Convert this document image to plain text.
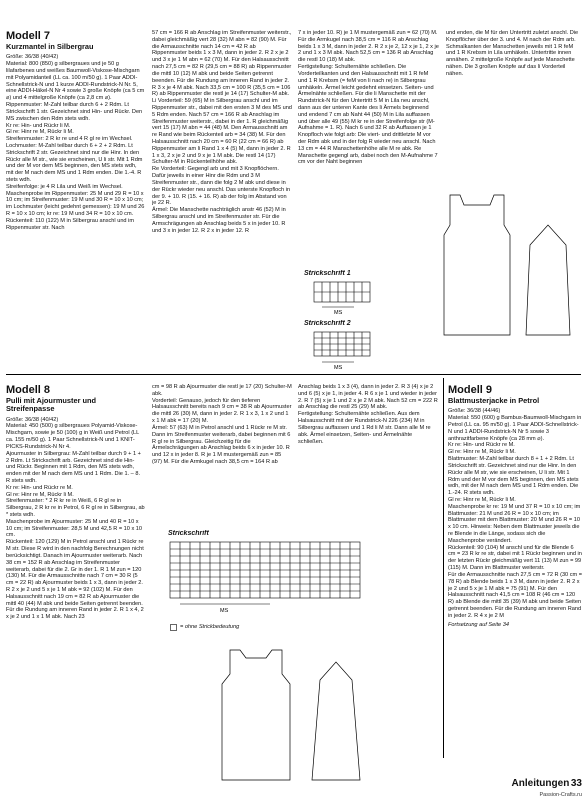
Modell 7
Kurzmantel in Silbergrau
Größe: 36/38 (40/42)
Material: 800 (850) g silbergraues und je 50 g lilafarbenes und weißes Baumwoll-Viskose-Mischgarn mit Polyamidanteil (LL ca. 100 m/50 g). 1 Paar ADDI-Schnellstrick-N und 1 kurze ADDI-Rundstrick-N Nr. 5, eine ADDI-Häkel-N Nr 4 sowie 3 große Knöpfe (ca 5 cm ⌀) und 4 mittelgroße Knöpfe (ca 2,8 cm ⌀).
Rippenmuster: M-Zahl teilbar durch 6 + 2 Rdm. Lt Strickschrift 1 str. Gezeichnet sind Hin- und Rückr. Den MS zwischen den Rdm stets wdh.
Kr re: Hin- und Rückr li M.
Gl re: Hinr re M, Rückr li M.
Streifenmuster: 2 R kr re und 4 R gl re im Wechsel.
Lochmuster: M-Zahl teilbar durch 6 + 2 + 2 Rdm. Lt Strickschrift 2 str. Gezeichnet sind nur die Hinr. In den Rückr alle M str., wie sie erscheinen, U li str. Mit 1 Rdm und der M vor dem MS beginnen, den MS stets wdh, mit der M nach dem MS und 1 Rdm enden. Die 1.-4. R stets wdh.
Streifenfolge: je 4 R Lila und Weiß im Wechsel.
Maschenprobe im Rippenmuster: 25 M und 29 R = 10 x 10 cm; im Streifenmuster: 19 M und 30 R = 10 x 10 cm; im Lochmuster (leicht gedehnt gemessen): 19 M und 26 R = 10 x 10 cm; kr re: 19 M und 34 R = 10 x 10 cm.
Rückenteil: 110 (122) M in Silbergrau anschl und im Rippenmuster str. Nach
57 cm = 166 R ab Anschlag im Streifenmuster weiterstr., dabei gleichmäßig vert 28 (32) M abn = 82 (90) M. Für die Armausschnitte nach 14 cm = 42 R ab Rippenmuster beids 1 x 3 M, dann in jeder 2. R 2 x je 2 und 3 x je 1 M abn = 62 (70) M. Für den Halsausschnitt nach 27,5 cm = 82 R (29,5 cm = 88 R) ab Rippenmuster die mittl 10 (12) M abk und beide Seiten getrennt beenden. Für die Rundung am inneren Rand in jeder 2. R 3 x je 4 M abk. Nach 33,5 cm = 100 R (35,5 cm = 106 R) ab Rippenmuster die restl je 14 (17) Schulter-M abk.
Li Vorderteil: 59 (65) M in Silbergrau anschl und im Rippenmuster str., dabei mit den ersten 3 M des MS und 5 Rdm enden. Nach 57 cm = 166 R ab Anschlag im Streifenmuster weiterstr., dabei in der 1. R gleichmäßig vert 15 (17) M abn = 44 (48) M. Den Armausschnitt am re Rand wie beim Rückenteil arb = 34 (38) M. Für den Halsausschnitt nach 20 cm = 60 R (22 cm = 66 R) ab Rippenmuster am li Rand 1 x 4 (5) M, dann in jeder 2. R 1 x 3, 2 x je 2 und 9 x je 1 M abk. Die restl 14 (17) Schulter-M in Rückenteilhöhe abk.
Re Vorderteil: Gegengl arb und mit 3 Knopflöchern. Dafür jeweils in einer Hinr die Rdm und 3 M Streifenmuster str., dann die folg 2 M abk und diese in der Rückr wieder neu anschl. Das unterste Knopfloch in der 9. + 10. R (15. + 16. R) ab der folg im Abstand von je 22 R.
Ärmel: Die Manschette nachträglich anstr 46 (52) M in Silbergrau anschl und im Streifenmuster str. Für die Armschrägungen ab Anschlag beids 5 x in jeder 10. R und 3 x in jeder 12. R 2 x in jeder 12. R
7 x in jeder 10. R) je 1 M mustergemäß zun = 62 (70) M. Für die Armkugel nach 38,5 cm = 116 R ab Anschlag beids 1 x 3 M, dann in jeder 2. R 2 x je 2, 12 x je 1, 2 x je 2 und 1 x 3 M abk. Nach 52,5 cm = 136 R ab Anschlag die restl 10 (18) M abk.
Fertigstellung: Schulternähte schließen. Die Vorderteilkanten und den Halsausschnitt mit 1 R feM und 1 R Krebsm (= feM von li nach re) in Silbergrau umhäkeln. Ärmel leicht gedehnt einsetzen. Seiten- und Ärmelnähte schließen. Für die li Manschette mit der Rundstrick-N für den Untertritt 5 M in Lila neu anschl, dann aus der unteren Kante des li Ärmels beginnend und endend 7 cm ab Naht 44 (50) M in Lila auffassen und über alle 49 (55) M kr re in der Streifenfolge str (M-Aufnahme = 1. R). Nach 6 und 32 R ab Auffassen je 1 Knopfloch wie folgt arb: Die viert- und drittletzte M vor der Rdm abk und in der folg R wieder neu anschl. Nach 13 cm = 44 R Manschettenhöhe alle M re abk. Re Manschette gegengl arb, dabei noch den M-Aufnahme 7 cm vor der Naht beginnen
und enden, die M für den Untertritt zuletzt anschl. Die Knopflöcher über der 3. und 4. M nach der Rdm arb. Schmalkanten der Manschetten jeweils mit 1 R feM und 1 R Krebsm in Lila umhäkeln. Untertritte innen annähen. 2 mittelgroße Knöpfe auf jede Manschette nähen. Die 3 großen Knöpfe auf das li Vorderteil nähen.
Strickschrift 1
MS
Strickschrift 2
MS
Modell 8
Pulli mit Ajourmuster und Streifenpasse
Größe: 36/38 (40/42)
Material: 450 (500) g silbergraues Polyamid-Viskose-Mischgarn, sowie je 50 (100) g in Weiß und Petrol (LL ca. 155 m/50 g). 1 Paar Schnellstrick-N und 1 KNIT-PICKS-Rundstrick-N Nr 4.
Ajourmuster in Silbergrau: M-Zahl teilbar durch 9 + 1 + 2 Rdm. Lt Strickschrift arb. Gezeichnet sind die Hin- und Rückr. Beginnen mit 1 Rdm, den MS stets wdh, enden mit der M nach dem MS und 1 Rdm. Die 1. – 8. R stets wdh.
Kr re: Hin- und Rückr re M.
Gl re: Hinr re M, Rückr li M.
Streifenmuster: * 2 R kr re in Weiß, 6 R gl re in Silbergrau, 2 R kr re in Petrol, 6 R gl re in Silbergrau, ab * stets wdh.
Maschenprobe im Ajourmuster: 25 M und 40 R = 10 x 10 cm; im Streifenmuster: 28,5 M und 42,5 R = 10 x 10 cm.
Rückenteil: 120 (129) M in Petrol anschl und 1 Rückr re M str. Diese R wird in den nachfolg Berechnungen nicht berücksichtigt. Danach im Ajourmuster weiterarb. Nach 38 cm = 152 R ab Anschlag im Streifenmuster weiterarb, dabei für die 2. Gr in der 1. R 1 M zun = 120 (130) M. Für die Armausschnitte nach 7 cm = 30 R (5 cm = 22 R) ab Ajourmuster beids 1 x 3, dann in jeder 2. R 2 x je 2 und 5 x je 1 M abk = 92 (102) M. Für den Halsausschnitt nach 19 cm = 82 R ab Ajourmuster die mittl 40 (44) M abk und beide Seiten getrennt beenden. Für die Rundung am inneren Rand in jeder 2. R 1 x 4, 2 x je 2 und 1 x 1 M abk. Nach 23
cm = 98 R ab Ajourmuster die restl je 17 (20) Schulter-M abk.
Vorderteil: Genauso, jedoch für den tieferen Halsausschnitt bereits nach 9 cm = 38 R ab Ajourmuster die mittl 26 (30) M, dann in jeder 2. R 1 x 3, 1 x 2 und 1 x 1 M abk = 17 (20) M.
Ärmel: 57 (63) M in Petrol anschl und 1 Rückr re M str. Dann im Streifenmuster weiterarb, dabei beginnen mit 6 R gl re in Silbergrau. Gleichzeitig für die Ärmelschrägungen ab Anschlag beids 6 x in jeder 10. R und 12 x in jeder 8. R je 1 M mustergemäß zun = 85 (97) M. Für die Armkugel nach 38,5 cm = 164 R ab
Anschlag beids 1 x 3 (4), dann in jeder 2. R 3 (4) x je 2 und 6 (5) x je 1, in jeder 4. R 6 x je 1 und wieder in jeder 2. R 7 (5) x je 1 und 2 x je 2 M abk. Nach 52 cm = 222 R ab Anschlag die restl 25 (29) M abk.
Fertigstellung: Schulternähte schließen. Aus dem Halsausschnitt mit der Rundstrick-N 226 (234) M in Silbergrau auffassen und 1 Rd li M str. Dann alle M re abk. Ärmel einsetzen, Seiten- und Ärmelnähte schließen.
Strickschrift
MS
= ohne Strickbedeutung
Modell 9
Blattmusterjacke in Petrol
Größe: 36/38 (44/46)
Material: 550 (600) g Bambus-Baumwoll-Mischgarn in Petrol (LL ca. 95 m/50 g). 1 Paar ADDI-Schnellstrick-N und 1 ADDI-Rundstrick-N Nr 5 sowie 3 anthrazitfarbene Knöpfe (ca 28 mm ⌀).
Kr re: Hin- und Rückr re M.
Gl re: Hinr re M, Rückr li M.
Blattmuster: M-Zahl teilbar durch 8 + 1 + 2 Rdm. Lt Strickschrift str. Gezeichnet sind nur die Hinr. In den Rückr alle M str, wie sie erscheinen, U li str. Mit 1 Rdm und der M vor dem MS beginnen, den MS stets wdh, mit der M nach dem MS und 1 Rdm enden. Die 1.-24. R stets wdh.
Gl re: Hinr re M, Rückr li M.
Maschenprobe kr re: 19 M und 37 R = 10 x 10 cm; im Blattmuster: 21 M und 26 R = 10 x 10 cm; im Blattmuster mit dem Blattmuster: 20 M und 26 R = 10 x 10 cm. Hinweis: Neben dem Blattmuster jeweils die re Blende in die Länge, sodass sich die Maschenprobe verändert.
Rückenteil: 90 (104) M anschl und für die Blende 6 cm = 23 R kr re str, dabei mit 1 Rückr beginnen und in der letzten Rückr gleichmäßig vert 11 (13) M zun = 99 (115) M. Dann im Blattmuster weiterstr.
Für die Armausschnitte nach 27,5 cm = 72 R (30 cm = 78 R) ab Blende beids 1 x 3 M, dann in jeder 2. R 2 x je 2 und 5 x je 1 M abk = 75 (91) M. Für den Halsausschnitt nach 41,5 cm = 108 R (46 cm = 120 R) ab Blende die mittl 35 (39) M abk und beide Seiten getrennt beenden. Für die Rundung am inneren Rand in jeder 2. R 4 x je 2 M
Fortsetzung auf Seite 34
Anleitungen 33
Passion-Crafts.ru
